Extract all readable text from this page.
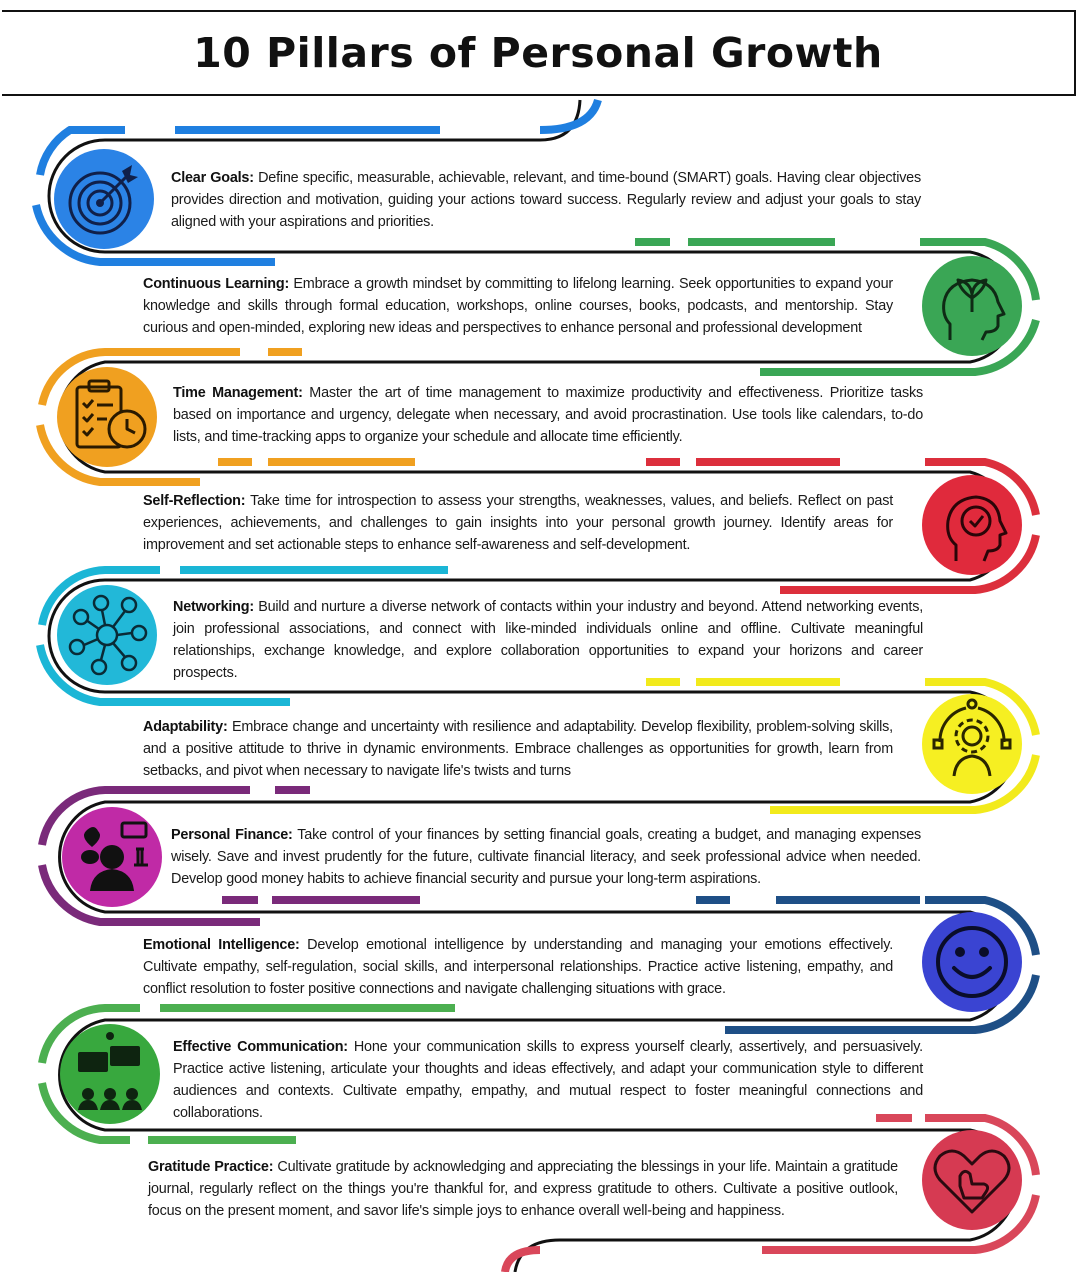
10 Pillars of Personal Growth

Clear Goals: Define specific, measurable, achievable, relevant, and time-bound (SMART) goals. Having clear objectives provides direction and motivation, guiding your actions toward success. Regularly review and adjust your goals to stay aligned with your aspirations and priorities.

Continuous Learning: Embrace a growth mindset by committing to lifelong learning. Seek opportunities to expand your knowledge and skills through formal education, workshops, online courses, books, podcasts, and mentorship. Stay curious and open-minded, exploring new ideas and perspectives to enhance personal and professional development

Time Management: Master the art of time management to maximize productivity and effectiveness. Prioritize tasks based on importance and urgency, delegate when necessary, and avoid procrastination. Use tools like calendars, to-do lists, and time-tracking apps to organize your schedule and allocate time efficiently.

Self-Reflection: Take time for introspection to assess your strengths, weaknesses, values, and beliefs. Reflect on past experiences, achievements, and challenges to gain insights into your personal growth journey. Identify areas for improvement and set actionable steps to enhance self-awareness and self-development.

Networking: Build and nurture a diverse network of contacts within your industry and beyond. Attend networking events, join professional associations, and connect with like-minded individuals online and offline. Cultivate meaningful relationships, exchange knowledge, and explore collaboration opportunities to expand your horizons and career prospects.

Adaptability: Embrace change and uncertainty with resilience and adaptability. Develop flexibility, problem-solving skills, and a positive attitude to thrive in dynamic environments. Embrace challenges as opportunities for growth, learn from setbacks, and pivot when necessary to navigate life's twists and turns

Personal Finance: Take control of your finances by setting financial goals, creating a budget, and managing expenses wisely. Save and invest prudently for the future, cultivate financial literacy, and seek professional advice when needed. Develop good money habits to achieve financial security and pursue your long-term aspirations.

Emotional Intelligence: Develop emotional intelligence by understanding and managing your emotions effectively. Cultivate empathy, self-regulation, social skills, and interpersonal relationships. Practice active listening, empathy, and conflict resolution to foster positive connections and navigate challenging situations with grace.

Effective Communication: Hone your communication skills to express yourself clearly, assertively, and persuasively. Practice active listening, articulate your thoughts and ideas effectively, and adapt your communication style to different audiences and contexts. Cultivate empathy, empathy, and mutual respect to foster meaningful connections and collaborations.

Gratitude Practice: Cultivate gratitude by acknowledging and appreciating the blessings in your life. Maintain a gratitude journal, regularly reflect on the things you're thankful for, and express gratitude to others. Cultivate a positive outlook, focus on the present moment, and savor life's simple joys to enhance overall well-being and happiness.
